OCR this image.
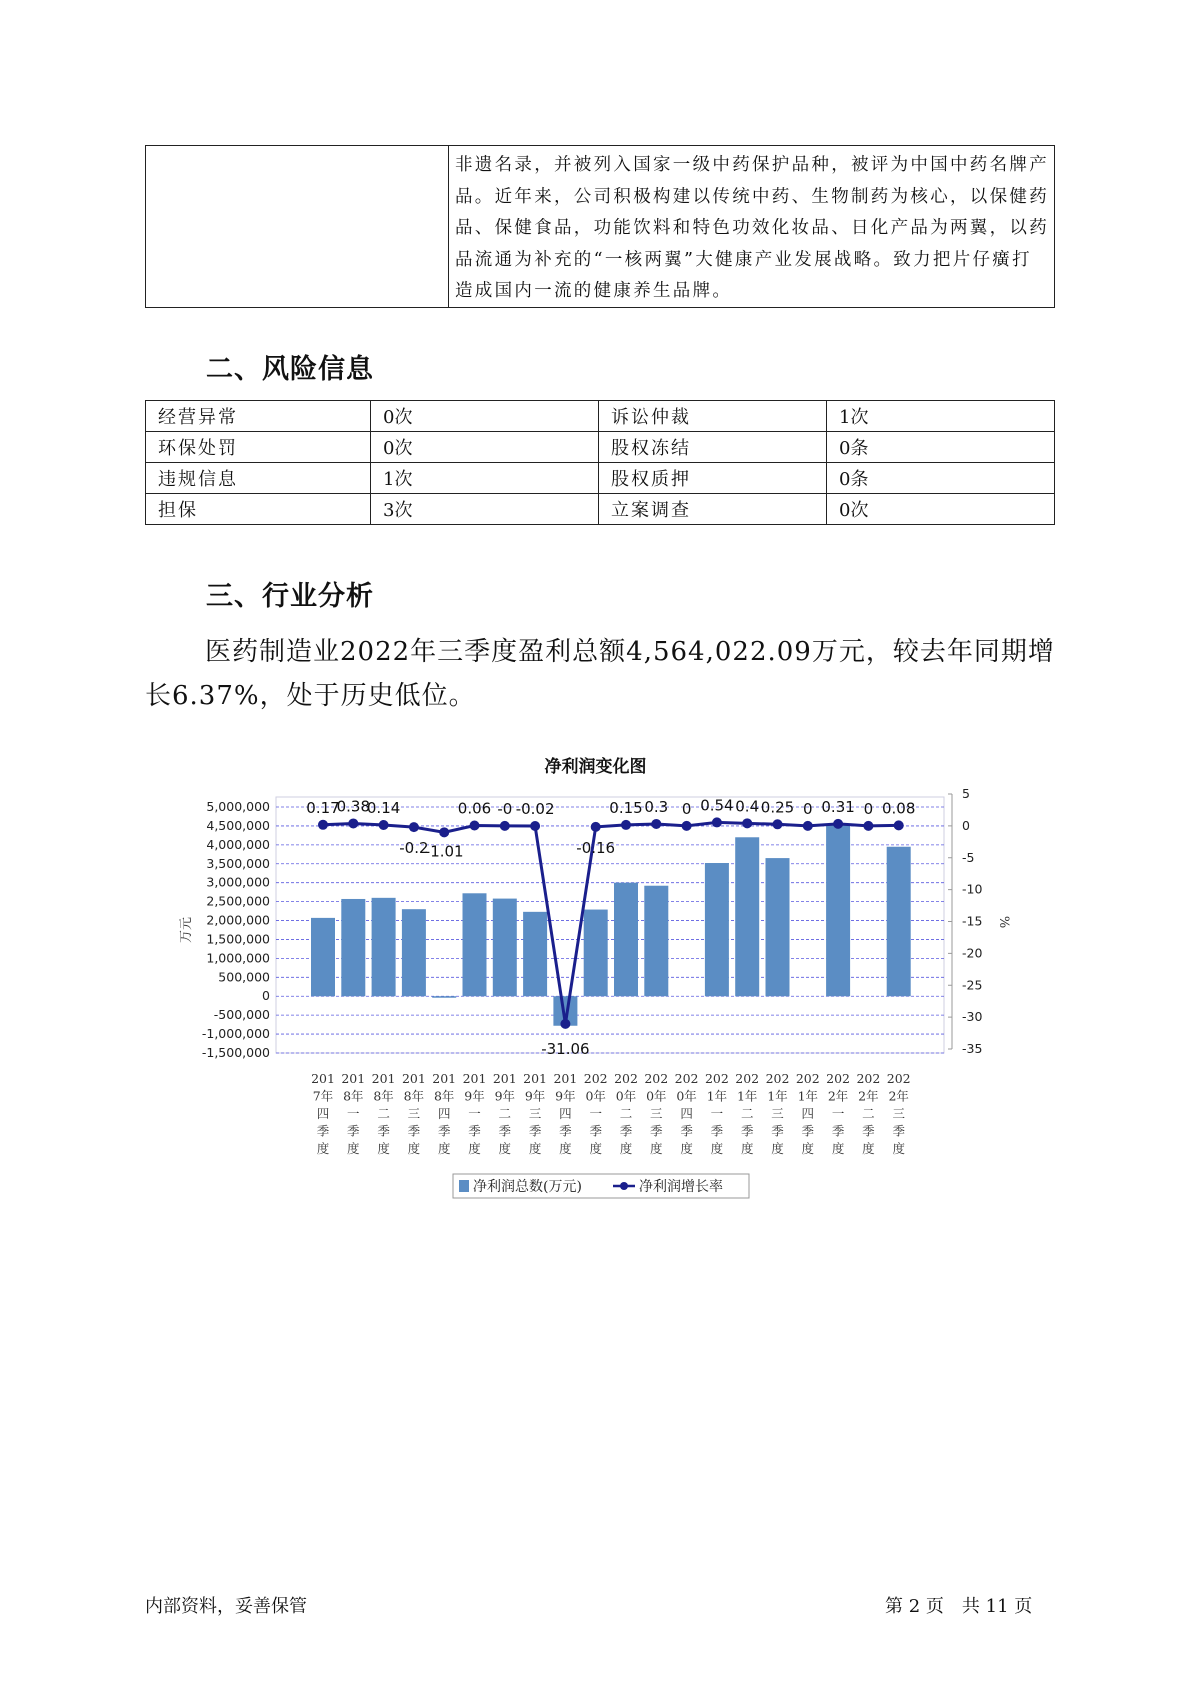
非遗名录，并被列入国家一级中药保护品种，被评为中国中药名牌产品。近年来，公司积极构建以传统中药、生物制药为核心，以保健药品、保健食品，功能饮料和特色功效化妆品、日化产品为两翼，以药品流通为补充的“一核两翼”大健康产业发展战略。致力把片仔癀打造成国内一流的健康养生品牌。
二、风险信息
经营异常	0次	诉讼仲裁	1次
环保处罚	0次	股权冻结	0条
违规信息	1次	股权质押	0条
担保	3次	立案调查	0次
三、行业分析
医药制造业2022年三季度盈利总额4,564,022.09万元，较去年同期增长6.37%，处于历史低位。
净利润变化图
5,000,000
4,500,000
4,000,000
3,500,000
3,000,000
2,500,000
2,000,000
1,500,000
1,000,000
500,000
0
-500,000
-1,000,000
-1,500,000
万元
5
0
-5
-10
-15
-20
-25
-30
-35
%
201 7年四季度
201 8年一季度
201 8年二季度
201 8年三季度
201 8年四季度
201 9年一季度
201 9年二季度
201 9年三季度
201 9年四季度
202 0年一季度
202 0年二季度
202 0年三季度
202 0年四季度
202 1年一季度
202 1年二季度
202 1年三季度
202 1年四季度
202 2年一季度
202 2年二季度
202 2年三季度
0.17
0.38
0.14
-0.2
-1.01
0.06 -0 -0.02
-31.06
-0.16
0.15 0.3 0 0.54 0.4 0.25 0 0.31 0 0.08
净利润总数(万元)	净利润增长率
内部资料，妥善保管	第 2 页　共 11 页
